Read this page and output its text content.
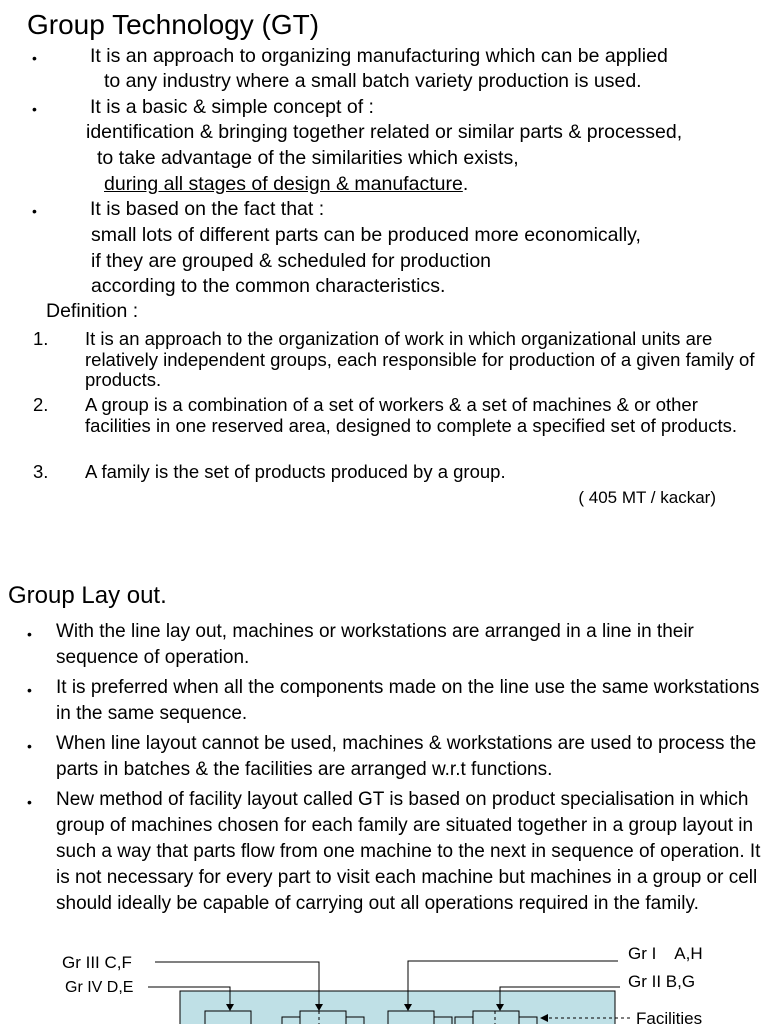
Group Technology (GT)
•	It is an approach to organizing manufacturing which can be applied
to any industry where a small batch variety production is used.
•	It is a basic & simple concept of :
identification & bringing together related or similar parts & processed,
to take advantage of the similarities which exists,
during all stages of design & manufacture.
•	It is based on the fact that :
small lots of different parts can be produced more economically,
if they are grouped & scheduled for production
according to the common characteristics.
Definition :
1. It is an approach to the organization of work in which organizational units are relatively independent groups, each responsible for production of a given family of products.
2. A group is a combination of a set of workers & a set of machines & or other facilities in one reserved area, designed to complete a specified set of products.
3. A family is the set of products produced by a group.
( 405 MT / kackar)
Group Lay out.
• With the line lay out, machines or workstations are arranged in a line in their sequence of operation.
• It is preferred when all the components made on the line use the same workstations in the same sequence.
• When line layout cannot be used, machines & workstations are used to process the parts in batches & the facilities are arranged w.r.t functions.
• New method of facility layout called GT is based on product specialisation in which group of machines chosen for each family are situated together in a group layout in such a way that parts flow from one machine to the next in sequence of operation. It is not necessary for every part to visit each machine but machines in a group or cell should ideally be capable of carrying out all operations required in the family.
Gr III C,F
Gr IV D,E
Gr I    A,H
Gr II B,G
Facilities
